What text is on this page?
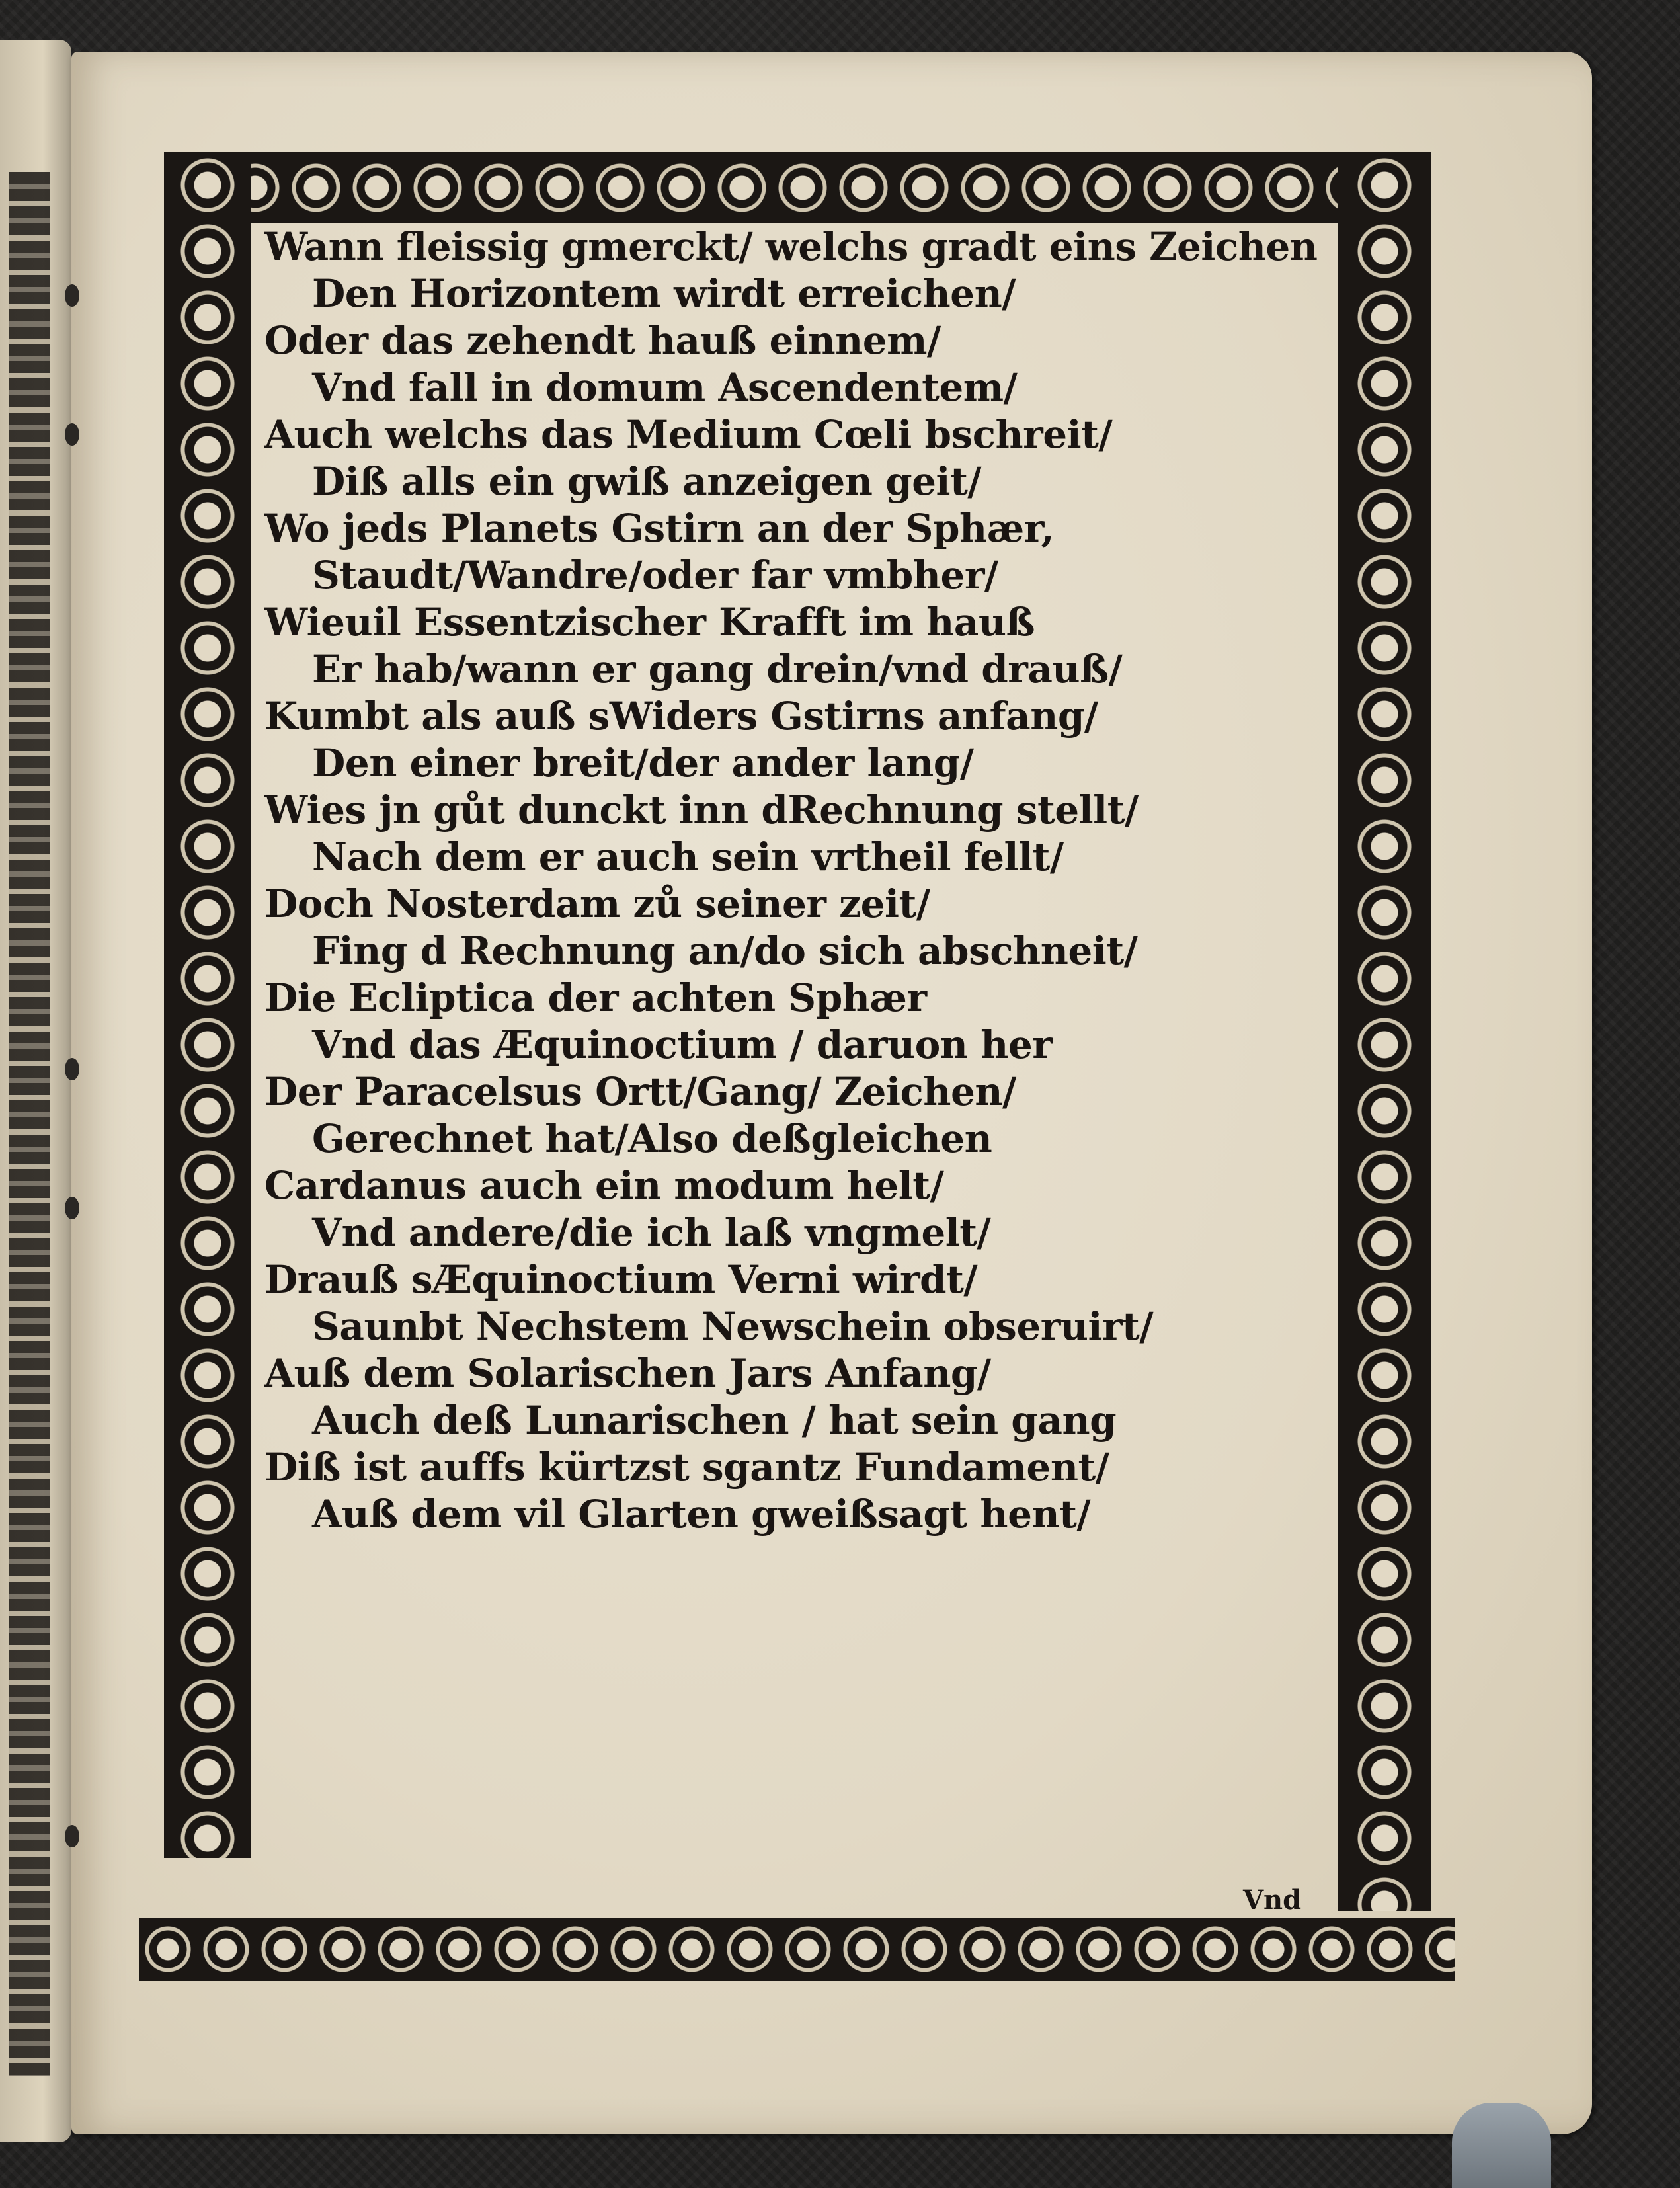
Wann fleissig gmerckt/ welchs gradt eins Zeichen
Den Horizontem wirdt erreichen/
Oder das zehendt hauß einnem/
Vnd fall in domum Ascendentem/
Auch welchs das Medium Cœli bschreit/
Diß alls ein gwiß anzeigen geit/
Wo jeds Planets Gstirn an der Sphær,
Staudt/Wandre/oder far vmbher/
Wieuil Essentzischer Krafft im hauß
Er hab/wann er gang drein/vnd drauß/
Kumbt als auß sWiders Gstirns anfang/
Den einer breit/der ander lang/
Wies jn gůt dunckt inn dRechnung stellt/
Nach dem er auch sein vrtheil fellt/
Doch Nosterdam zů seiner zeit/
Fing d Rechnung an/do sich abschneit/
Die Ecliptica der achten Sphær
Vnd das Æquinoctium / daruon her
Der Paracelsus Ortt/Gang/ Zeichen/
Gerechnet hat/Also deßgleichen
Cardanus auch ein modum helt/
Vnd andere/die ich laß vngmelt/
Drauß sÆquinoctium Verni wirdt/
Saunbt Nechstem Newschein obseruirt/
Auß dem Solarischen Jars Anfang/
Auch deß Lunarischen / hat sein gang
Diß ist auffs kürtzst sgantz Fundament/
Auß dem vil Glarten gweißsagt hent/
Vnd
